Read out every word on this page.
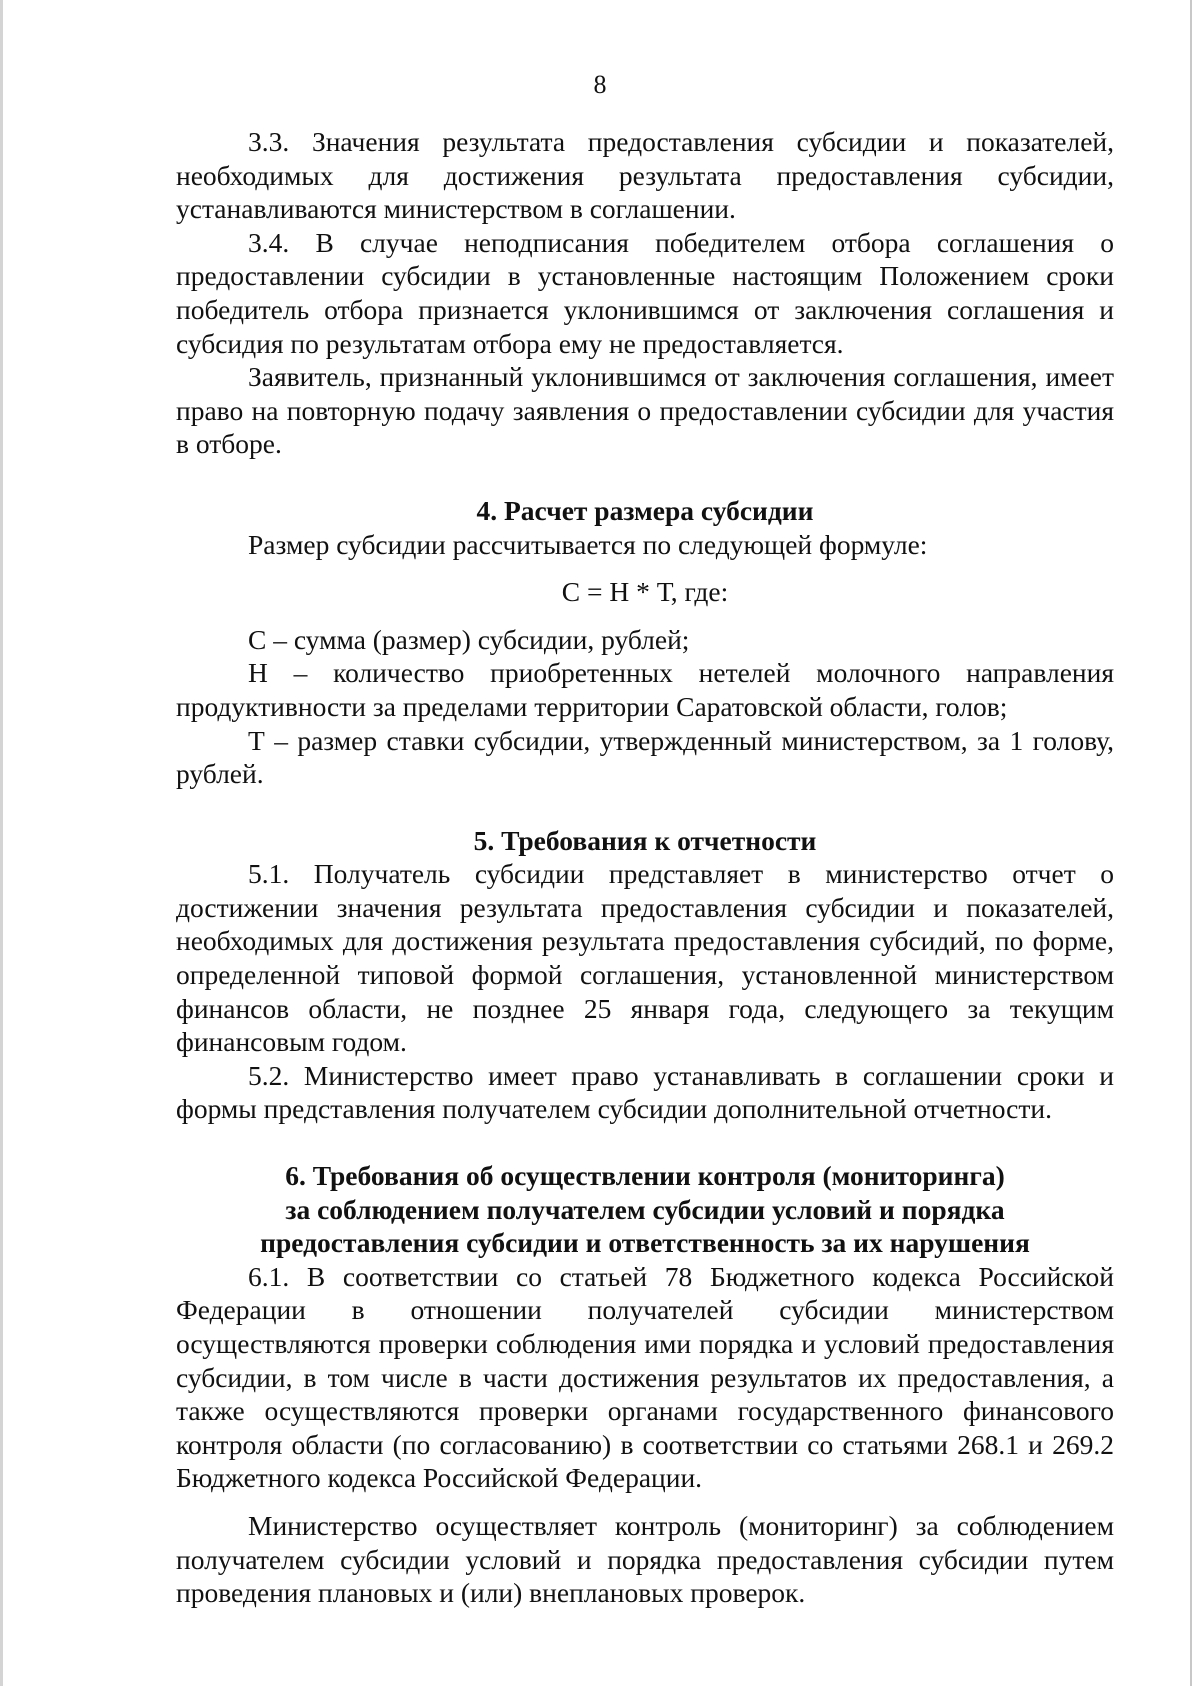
8

3.3. Значения результата предоставления субсидии и показателей, необходимых для достижения результата предоставления субсидии, устанавливаются министерством в соглашении.

3.4. В случае неподписания победителем отбора соглашения о предоставлении субсидии в установленные настоящим Положением сроки победитель отбора признается уклонившимся от заключения соглашения и субсидия по результатам отбора ему не предоставляется.

Заявитель, признанный уклонившимся от заключения соглашения, имеет право на повторную подачу заявления о предоставлении субсидии для участия в отборе.

4. Расчет размера субсидии

Размер субсидии рассчитывается по следующей формуле:

С = Н * Т, где:

С – сумма (размер) субсидии, рублей;

Н – количество приобретенных нетелей молочного направления продуктивности за пределами территории Саратовской области, голов;

Т – размер ставки субсидии, утвержденный министерством, за 1 голову, рублей.

5. Требования к отчетности

5.1. Получатель субсидии представляет в министерство отчет о достижении значения результата предоставления субсидии и показателей, необходимых для достижения результата предоставления субсидий, по форме, определенной типовой формой соглашения, установленной министерством финансов области, не позднее 25 января года, следующего за текущим финансовым годом.

5.2. Министерство имеет право устанавливать в соглашении сроки и формы представления получателем субсидии дополнительной отчетности.

6. Требования об осуществлении контроля (мониторинга)

за соблюдением получателем субсидии условий и порядка

предоставления субсидии и ответственность за их нарушения

6.1. В соответствии со статьей 78 Бюджетного кодекса Российской Федерации в отношении получателей субсидии министерством осуществляются проверки соблюдения ими порядка и условий предоставления субсидии, в том числе в части достижения результатов их предоставления, а также осуществляются проверки органами государственного финансового контроля области (по согласованию) в соответствии со статьями 268.1 и 269.2 Бюджетного кодекса Российской Федерации.

Министерство осуществляет контроль (мониторинг) за соблюдением получателем субсидии условий и порядка предоставления субсидии путем проведения плановых и (или) внеплановых проверок.
